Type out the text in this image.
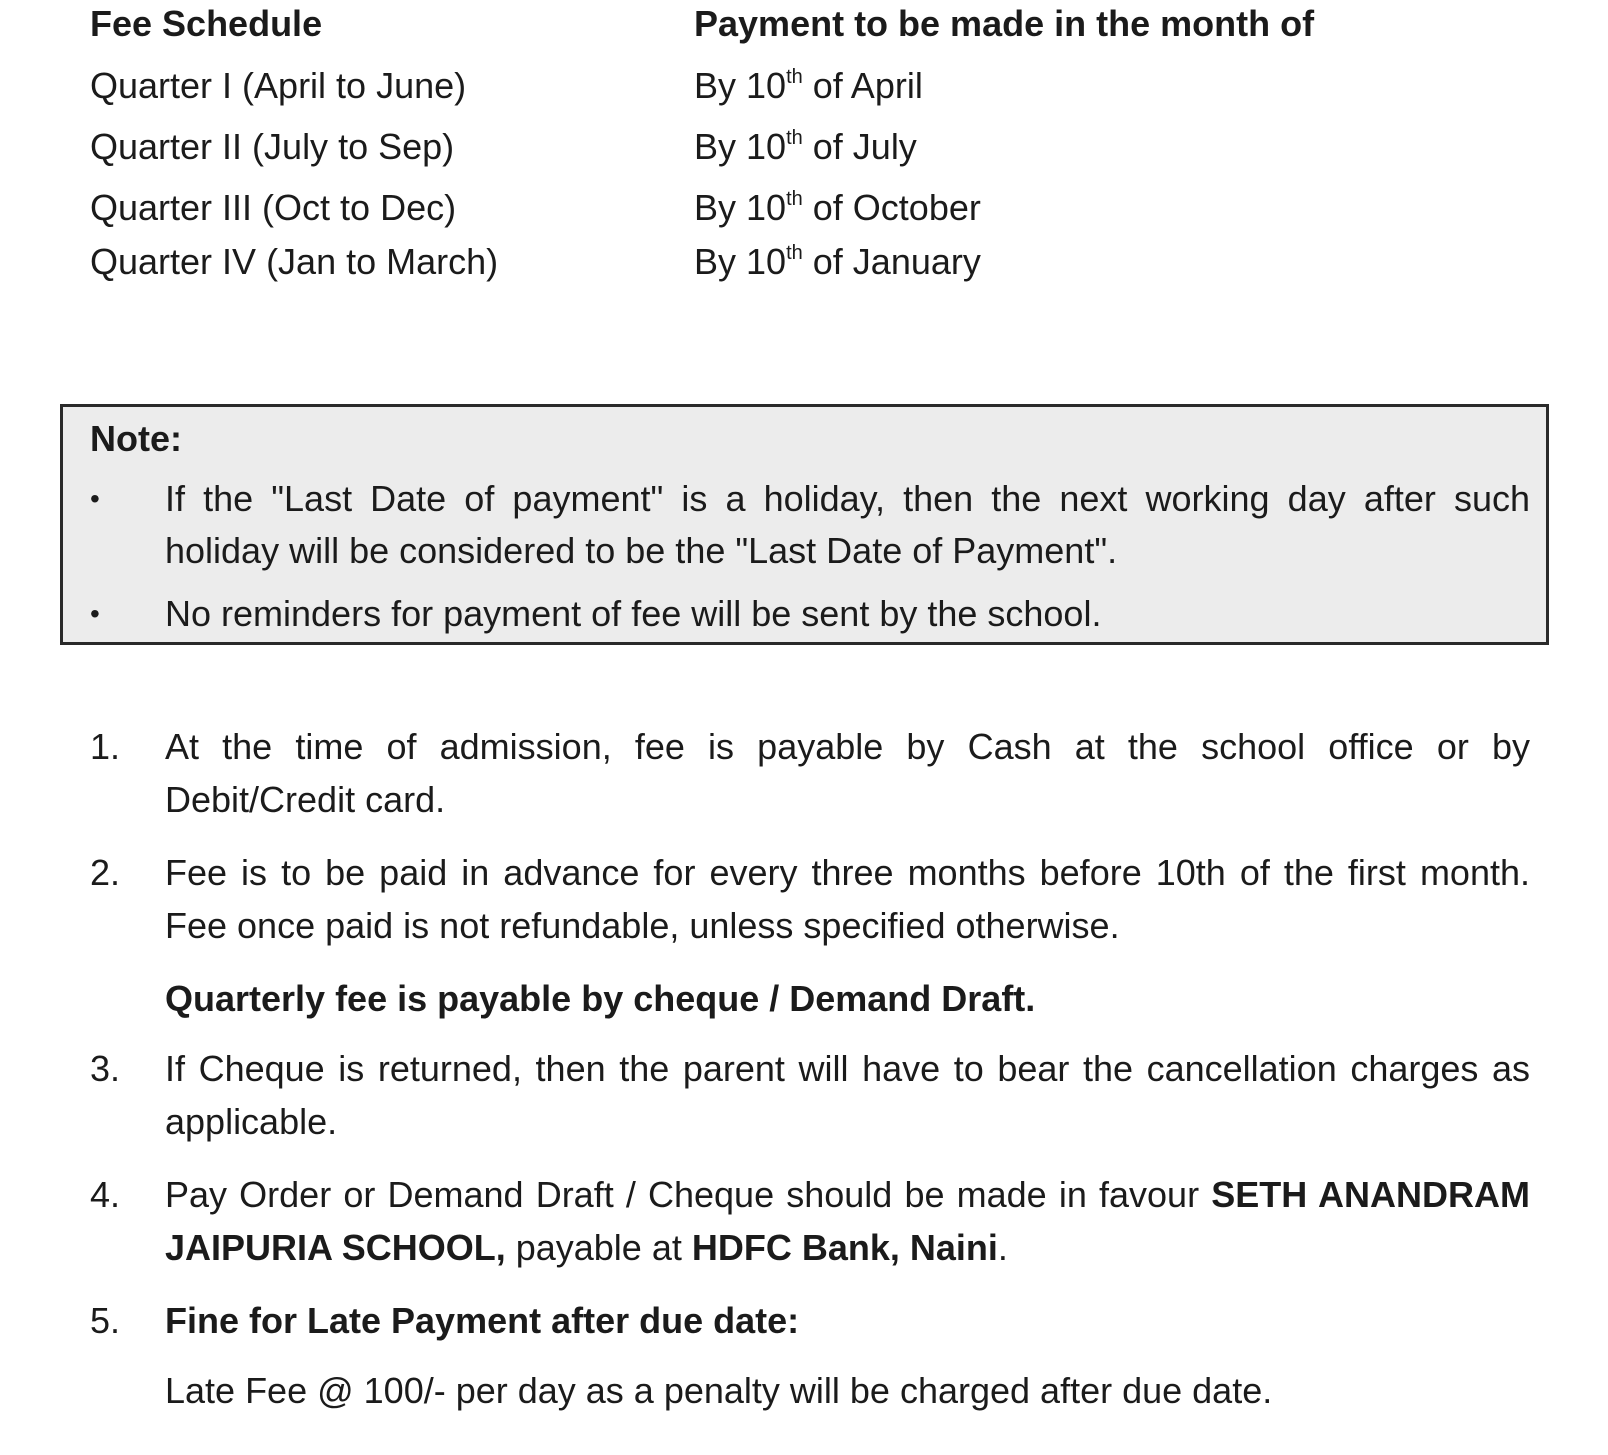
Fee Schedule	Payment to be made in the month of
Quarter I (April to June)	By 10th of April
Quarter II (July to Sep)	By 10th of July
Quarter III (Oct to Dec)	By 10th of October
Quarter IV (Jan to March)	By 10th of January
Note:
• If the "Last Date of payment" is a holiday, then the next working day after such holiday will be considered to be the "Last Date of Payment".
• No reminders for payment of fee will be sent by the school.
1.	At the time of admission, fee is payable by Cash at the school office or by Debit/Credit card.
2.	Fee is to be paid in advance for every three months before 10th of the first month. Fee once paid is not refundable, unless specified otherwise.
Quarterly fee is payable by cheque / Demand Draft.
3.	If Cheque is returned, then the parent will have to bear the cancellation charges as applicable.
4.	Pay Order or Demand Draft / Cheque should be made in favour SETH ANANDRAM JAIPURIA SCHOOL, payable at HDFC Bank, Naini.
5.	Fine for Late Payment after due date:
Late Fee @ 100/- per day as a penalty will be charged after due date.
